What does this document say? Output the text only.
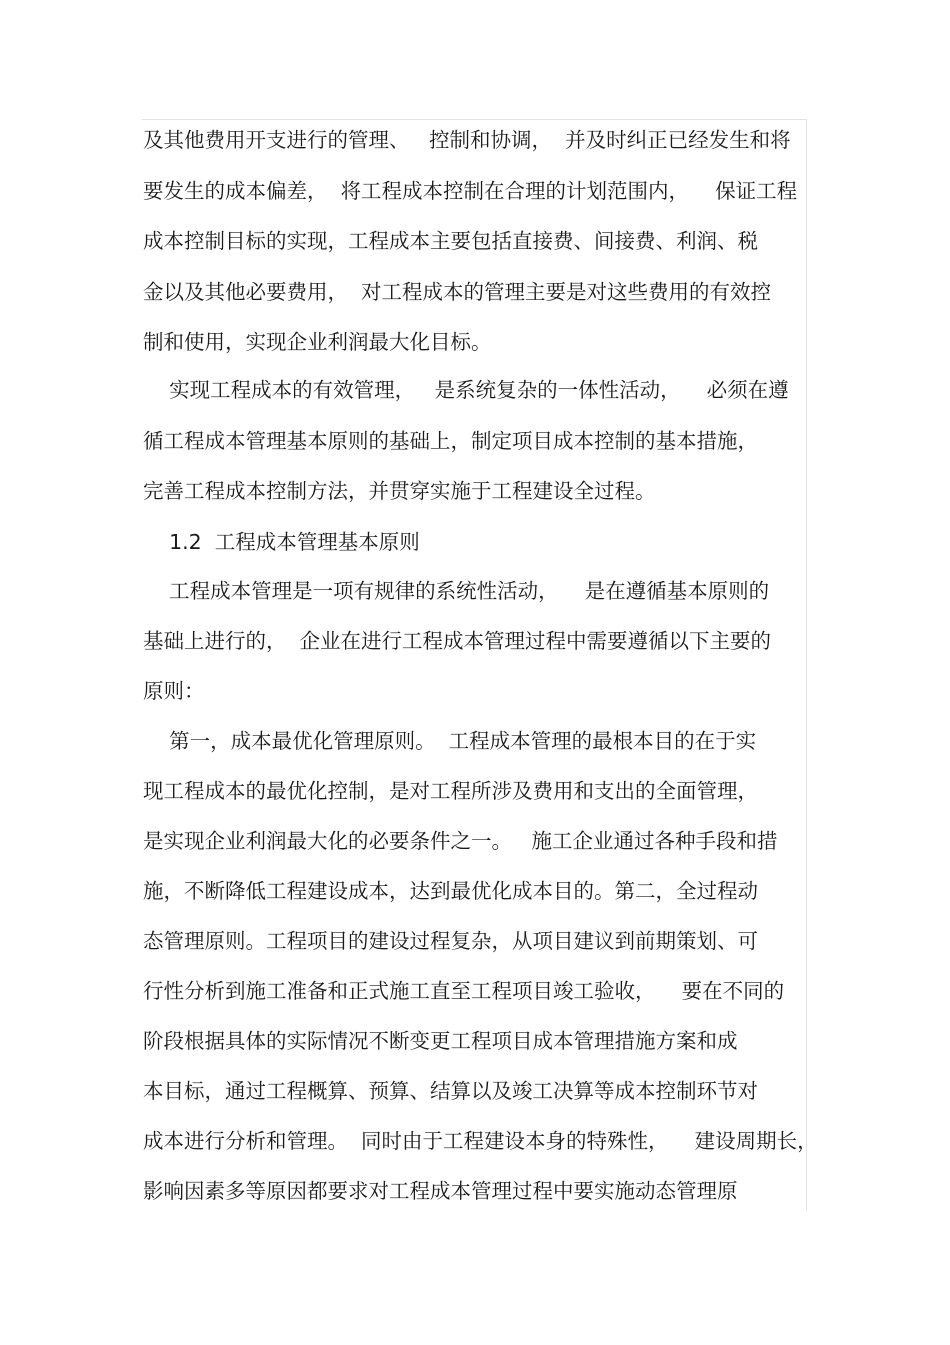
及其他费用开支进行的管理、   控制和协调，  并及时纠正已经发生和将
要发生的成本偏差，  将工程成本控制在合理的计划范围内，    保证工程
成本控制目标的实现，工程成本主要包括直接费、间接费、利润、税
金以及其他必要费用，  对工程成本的管理主要是对这些费用的有效控
制和使用，实现企业利润最大化目标。
实现工程成本的有效管理，   是系统复杂的一体性活动，    必须在遵
循工程成本管理基本原则的基础上，制定项目成本控制的基本措施，
完善工程成本控制方法，并贯穿实施于工程建设全过程。
1.2  工程成本管理基本原则
工程成本管理是一项有规律的系统性活动，    是在遵循基本原则的
基础上进行的，  企业在进行工程成本管理过程中需要遵循以下主要的
原则：
第一，成本最优化管理原则。  工程成本管理的最根本目的在于实
现工程成本的最优化控制，是对工程所涉及费用和支出的全面管理，
是实现企业利润最大化的必要条件之一。   施工企业通过各种手段和措
施，不断降低工程建设成本，达到最优化成本目的。第二，全过程动
态管理原则。工程项目的建设过程复杂，从项目建议到前期策划、可
行性分析到施工准备和正式施工直至工程项目竣工验收，    要在不同的
阶段根据具体的实际情况不断变更工程项目成本管理措施方案和成
本目标，通过工程概算、预算、结算以及竣工决算等成本控制环节对
成本进行分析和管理。  同时由于工程建设本身的特殊性，    建设周期长，
影响因素多等原因都要求对工程成本管理过程中要实施动态管理原
